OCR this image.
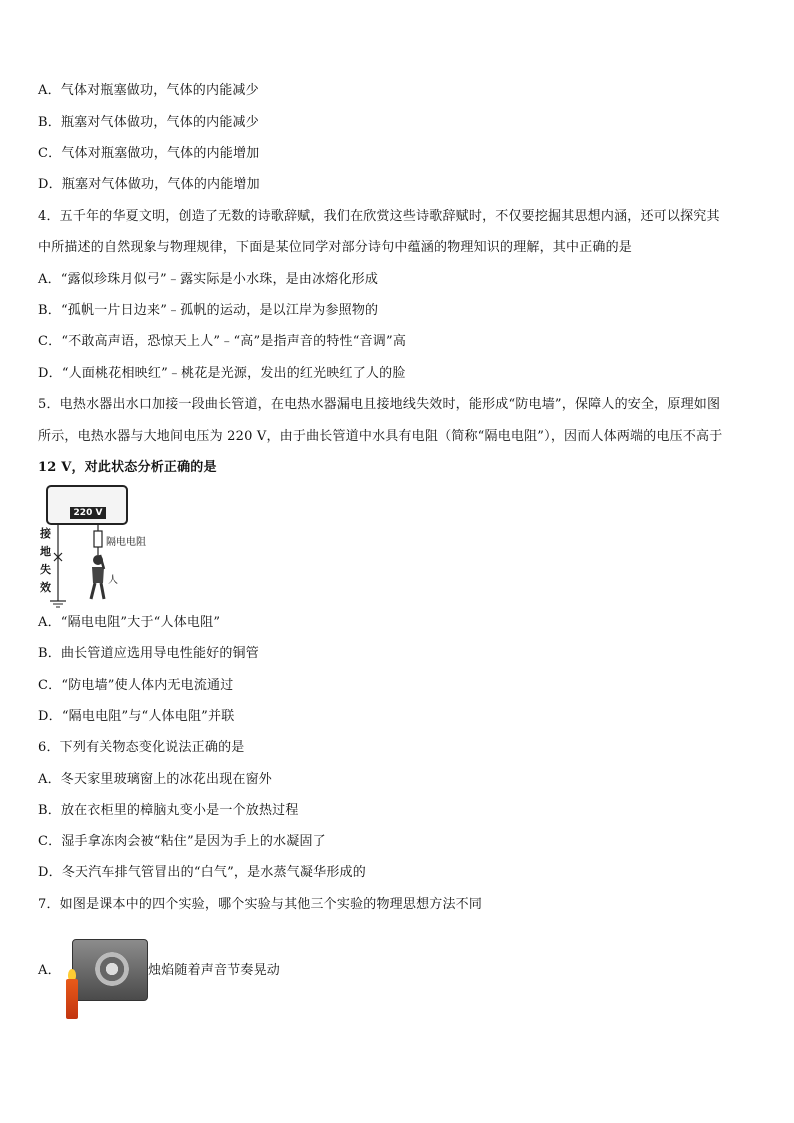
A．气体对瓶塞做功，气体的内能减少
B．瓶塞对气体做功，气体的内能减少
C．气体对瓶塞做功，气体的内能增加
D．瓶塞对气体做功，气体的内能增加
4．五千年的华夏文明，创造了无数的诗歌辞赋，我们在欣赏这些诗歌辞赋时，不仅要挖掘其思想内涵，还可以探究其
中所描述的自然现象与物理规律，下面是某位同学对部分诗句中蕴涵的物理知识的理解，其中正确的是
A．“露似珍珠月似弓”﹣露实际是小水珠，是由冰熔化形成
B．“孤帆一片日边来”﹣孤帆的运动，是以江岸为参照物的
C．“不敢高声语，恐惊天上人”﹣“高”是指声音的特性“音调”高
D．“人面桃花相映红”﹣桃花是光源，发出的红光映红了人的脸
5．电热水器出水口加接一段曲长管道，在电热水器漏电且接地线失效时，能形成“防电墙”，保障人的安全，原理如图
所示，电热水器与大地间电压为 220 V，由于曲长管道中水具有电阻（简称“隔电电阻”），因而人体两端的电压不高于
12 V，对此状态分析正确的是
220 V
接
地
失
效
隔电电阻
人
A．“隔电电阻”大于“人体电阻”
B．曲长管道应选用导电性能好的铜管
C．“防电墙”使人体内无电流通过
D．“隔电电阻”与“人体电阻”并联
6．下列有关物态变化说法正确的是
A．冬天家里玻璃窗上的冰花出现在窗外
B．放在衣柜里的樟脑丸变小是一个放热过程
C．湿手拿冻肉会被“粘住”是因为手上的水凝固了
D．冬天汽车排气管冒出的“白气”，是水蒸气凝华形成的
7．如图是课本中的四个实验，哪个实验与其他三个实验的物理思想方法不同
A．	烛焰随着声音节奏晃动
